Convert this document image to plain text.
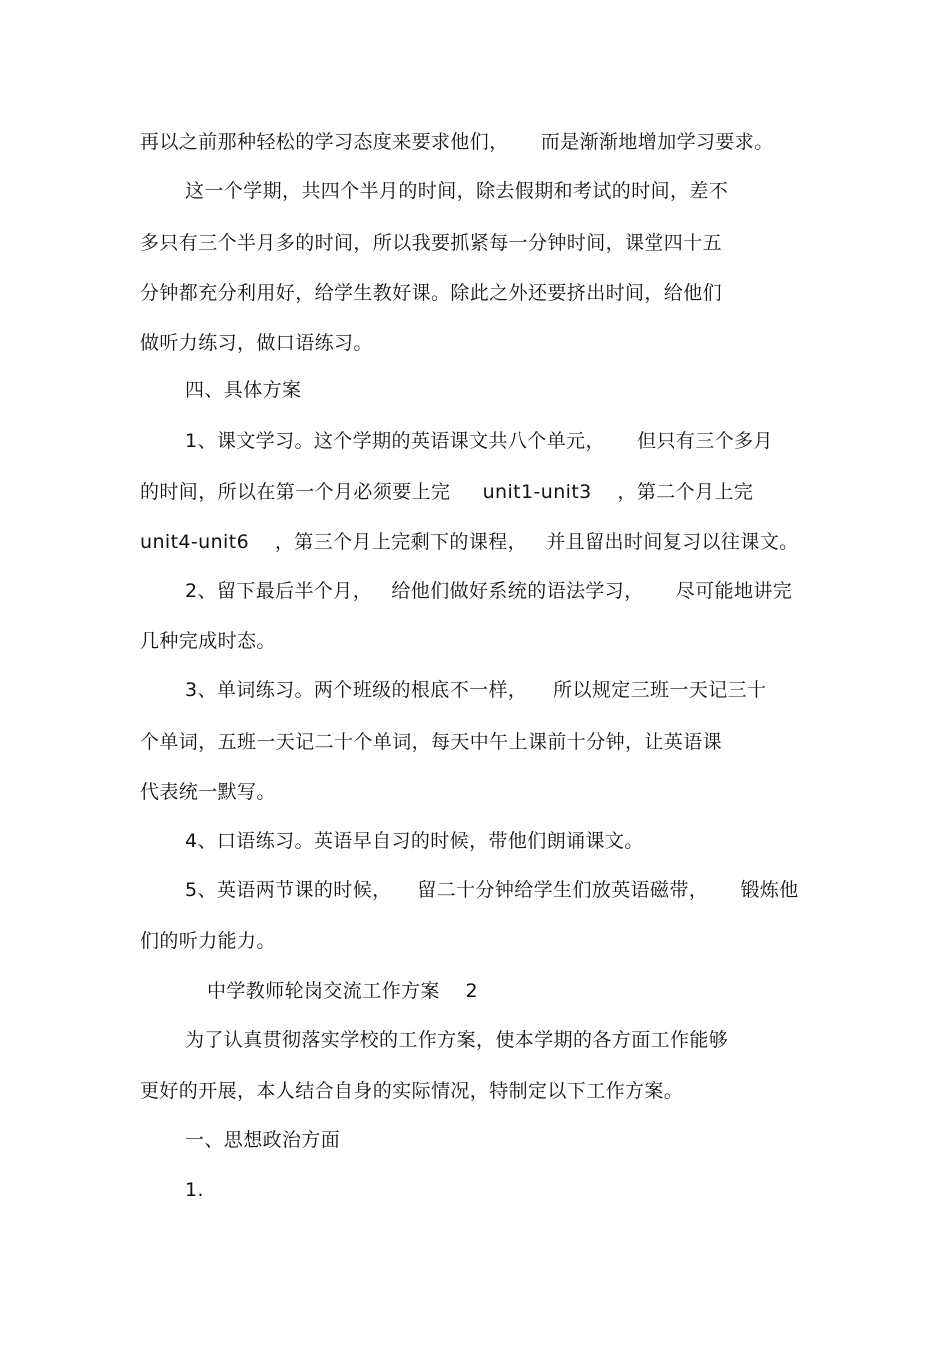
再以之前那种轻松的学习态度来要求他们，     而是渐渐地增加学习要求。
这一个学期，共四个半月的时间，除去假期和考试的时间，差不
多只有三个半月多的时间，所以我要抓紧每一分钟时间，课堂四十五
分钟都充分利用好，给学生教好课。除此之外还要挤出时间，给他们
做听力练习，做口语练习。
四、具体方案
1、课文学习。这个学期的英语课文共八个单元，     但只有三个多月
的时间，所以在第一个月必须要上完     unit1-unit3    ，第二个月上完
unit4-unit6    ，第三个月上完剩下的课程，   并且留出时间复习以往课文。
2、留下最后半个月，   给他们做好系统的语法学习，     尽可能地讲完
几种完成时态。
3、单词练习。两个班级的根底不一样，    所以规定三班一天记三十
个单词，五班一天记二十个单词，每天中午上课前十分钟，让英语课
代表统一默写。
4、口语练习。英语早自习的时候，带他们朗诵课文。
5、英语两节课的时候，    留二十分钟给学生们放英语磁带，     锻炼他
们的听力能力。
中学教师轮岗交流工作方案    2
为了认真贯彻落实学校的工作方案，使本学期的各方面工作能够
更好的开展，本人结合自身的实际情况，特制定以下工作方案。
一、思想政治方面
1.
